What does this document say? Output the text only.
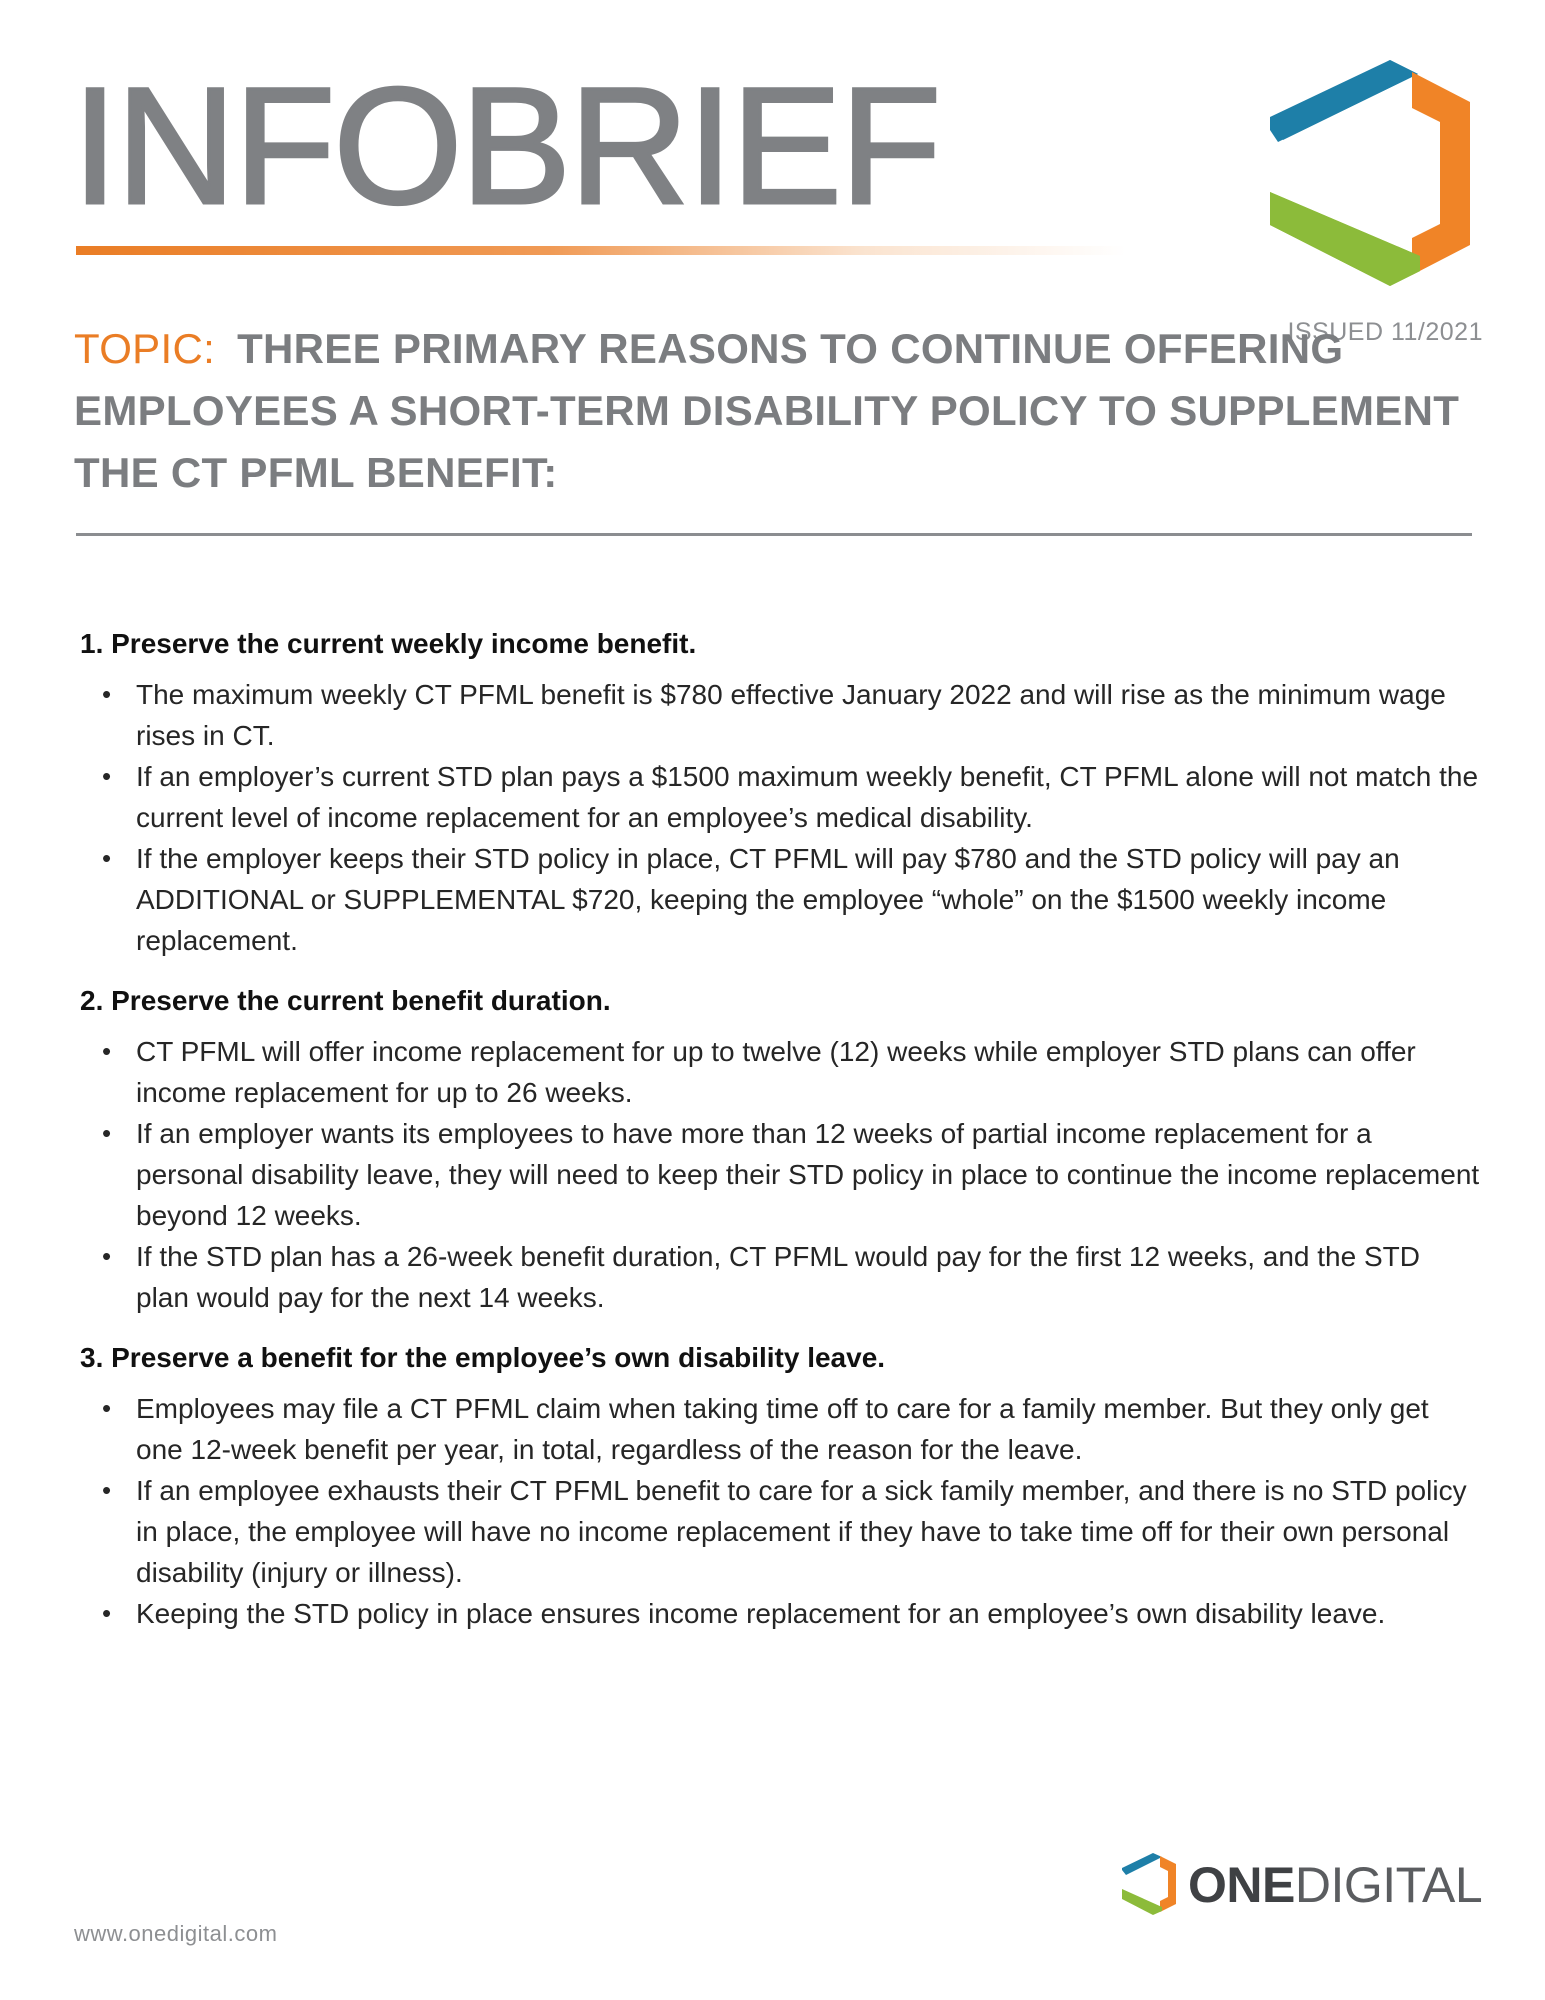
INFOBRIEF
ISSUED 11/2021
TOPIC: THREE PRIMARY REASONS TO CONTINUE OFFERING EMPLOYEES A SHORT-TERM DISABILITY POLICY TO SUPPLEMENT THE CT PFML BENEFIT:
1. Preserve the current weekly income benefit.
• The maximum weekly CT PFML benefit is $780 effective January 2022 and will rise as the minimum wage rises in CT.
• If an employer’s current STD plan pays a $1500 maximum weekly benefit, CT PFML alone will not match the current level of income replacement for an employee’s medical disability.
• If the employer keeps their STD policy in place, CT PFML will pay $780 and the STD policy will pay an ADDITIONAL or SUPPLEMENTAL $720, keeping the employee “whole” on the $1500 weekly income replacement.
2. Preserve the current benefit duration.
• CT PFML will offer income replacement for up to twelve (12) weeks while employer STD plans can offer income replacement for up to 26 weeks.
• If an employer wants its employees to have more than 12 weeks of partial income replacement for a personal disability leave, they will need to keep their STD policy in place to continue the income replacement beyond 12 weeks.
• If the STD plan has a 26-week benefit duration, CT PFML would pay for the first 12 weeks, and the STD plan would pay for the next 14 weeks.
3. Preserve a benefit for the employee’s own disability leave.
• Employees may file a CT PFML claim when taking time off to care for a family member. But they only get one 12-week benefit per year, in total, regardless of the reason for the leave.
• If an employee exhausts their CT PFML benefit to care for a sick family member, and there is no STD policy in place, the employee will have no income replacement if they have to take time off for their own personal disability (injury or illness).
• Keeping the STD policy in place ensures income replacement for an employee’s own disability leave.
www.onedigital.com
ONEDIGITAL
